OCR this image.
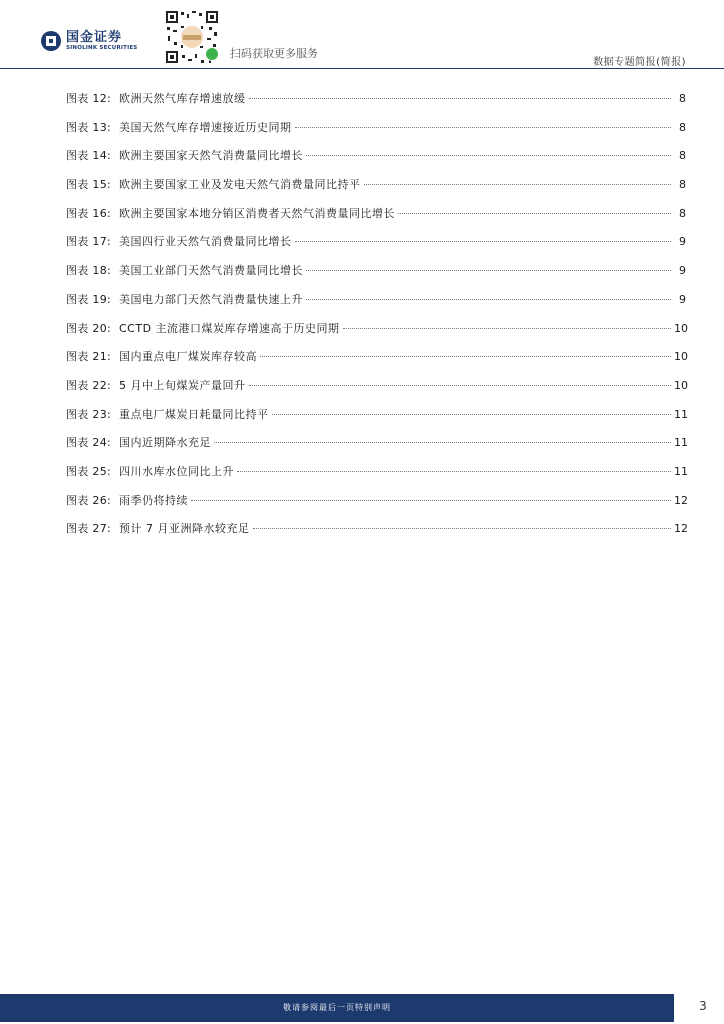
国金证券
SINOLINK SECURITIES	扫码获取更多服务
数据专题简报(简报)
图表 12: 欧洲天然气库存增速放缓	8
图表 13: 美国天然气库存增速接近历史同期	8
图表 14: 欧洲主要国家天然气消费量同比增长	8
图表 15: 欧洲主要国家工业及发电天然气消费量同比持平	8
图表 16: 欧洲主要国家本地分销区消费者天然气消费量同比增长	8
图表 17: 美国四行业天然气消费量同比增长	9
图表 18: 美国工业部门天然气消费量同比增长	9
图表 19: 美国电力部门天然气消费量快速上升	9
图表 20: CCTD 主流港口煤炭库存增速高于历史同期	10
图表 21: 国内重点电厂煤炭库存较高	10
图表 22: 5 月中上旬煤炭产量回升	10
图表 23: 重点电厂煤炭日耗量同比持平	11
图表 24: 国内近期降水充足	11
图表 25: 四川水库水位同比上升	11
图表 26: 雨季仍将持续	12
图表 27: 预计 7 月亚洲降水较充足	12
敬请参阅最后一页特别声明	3
